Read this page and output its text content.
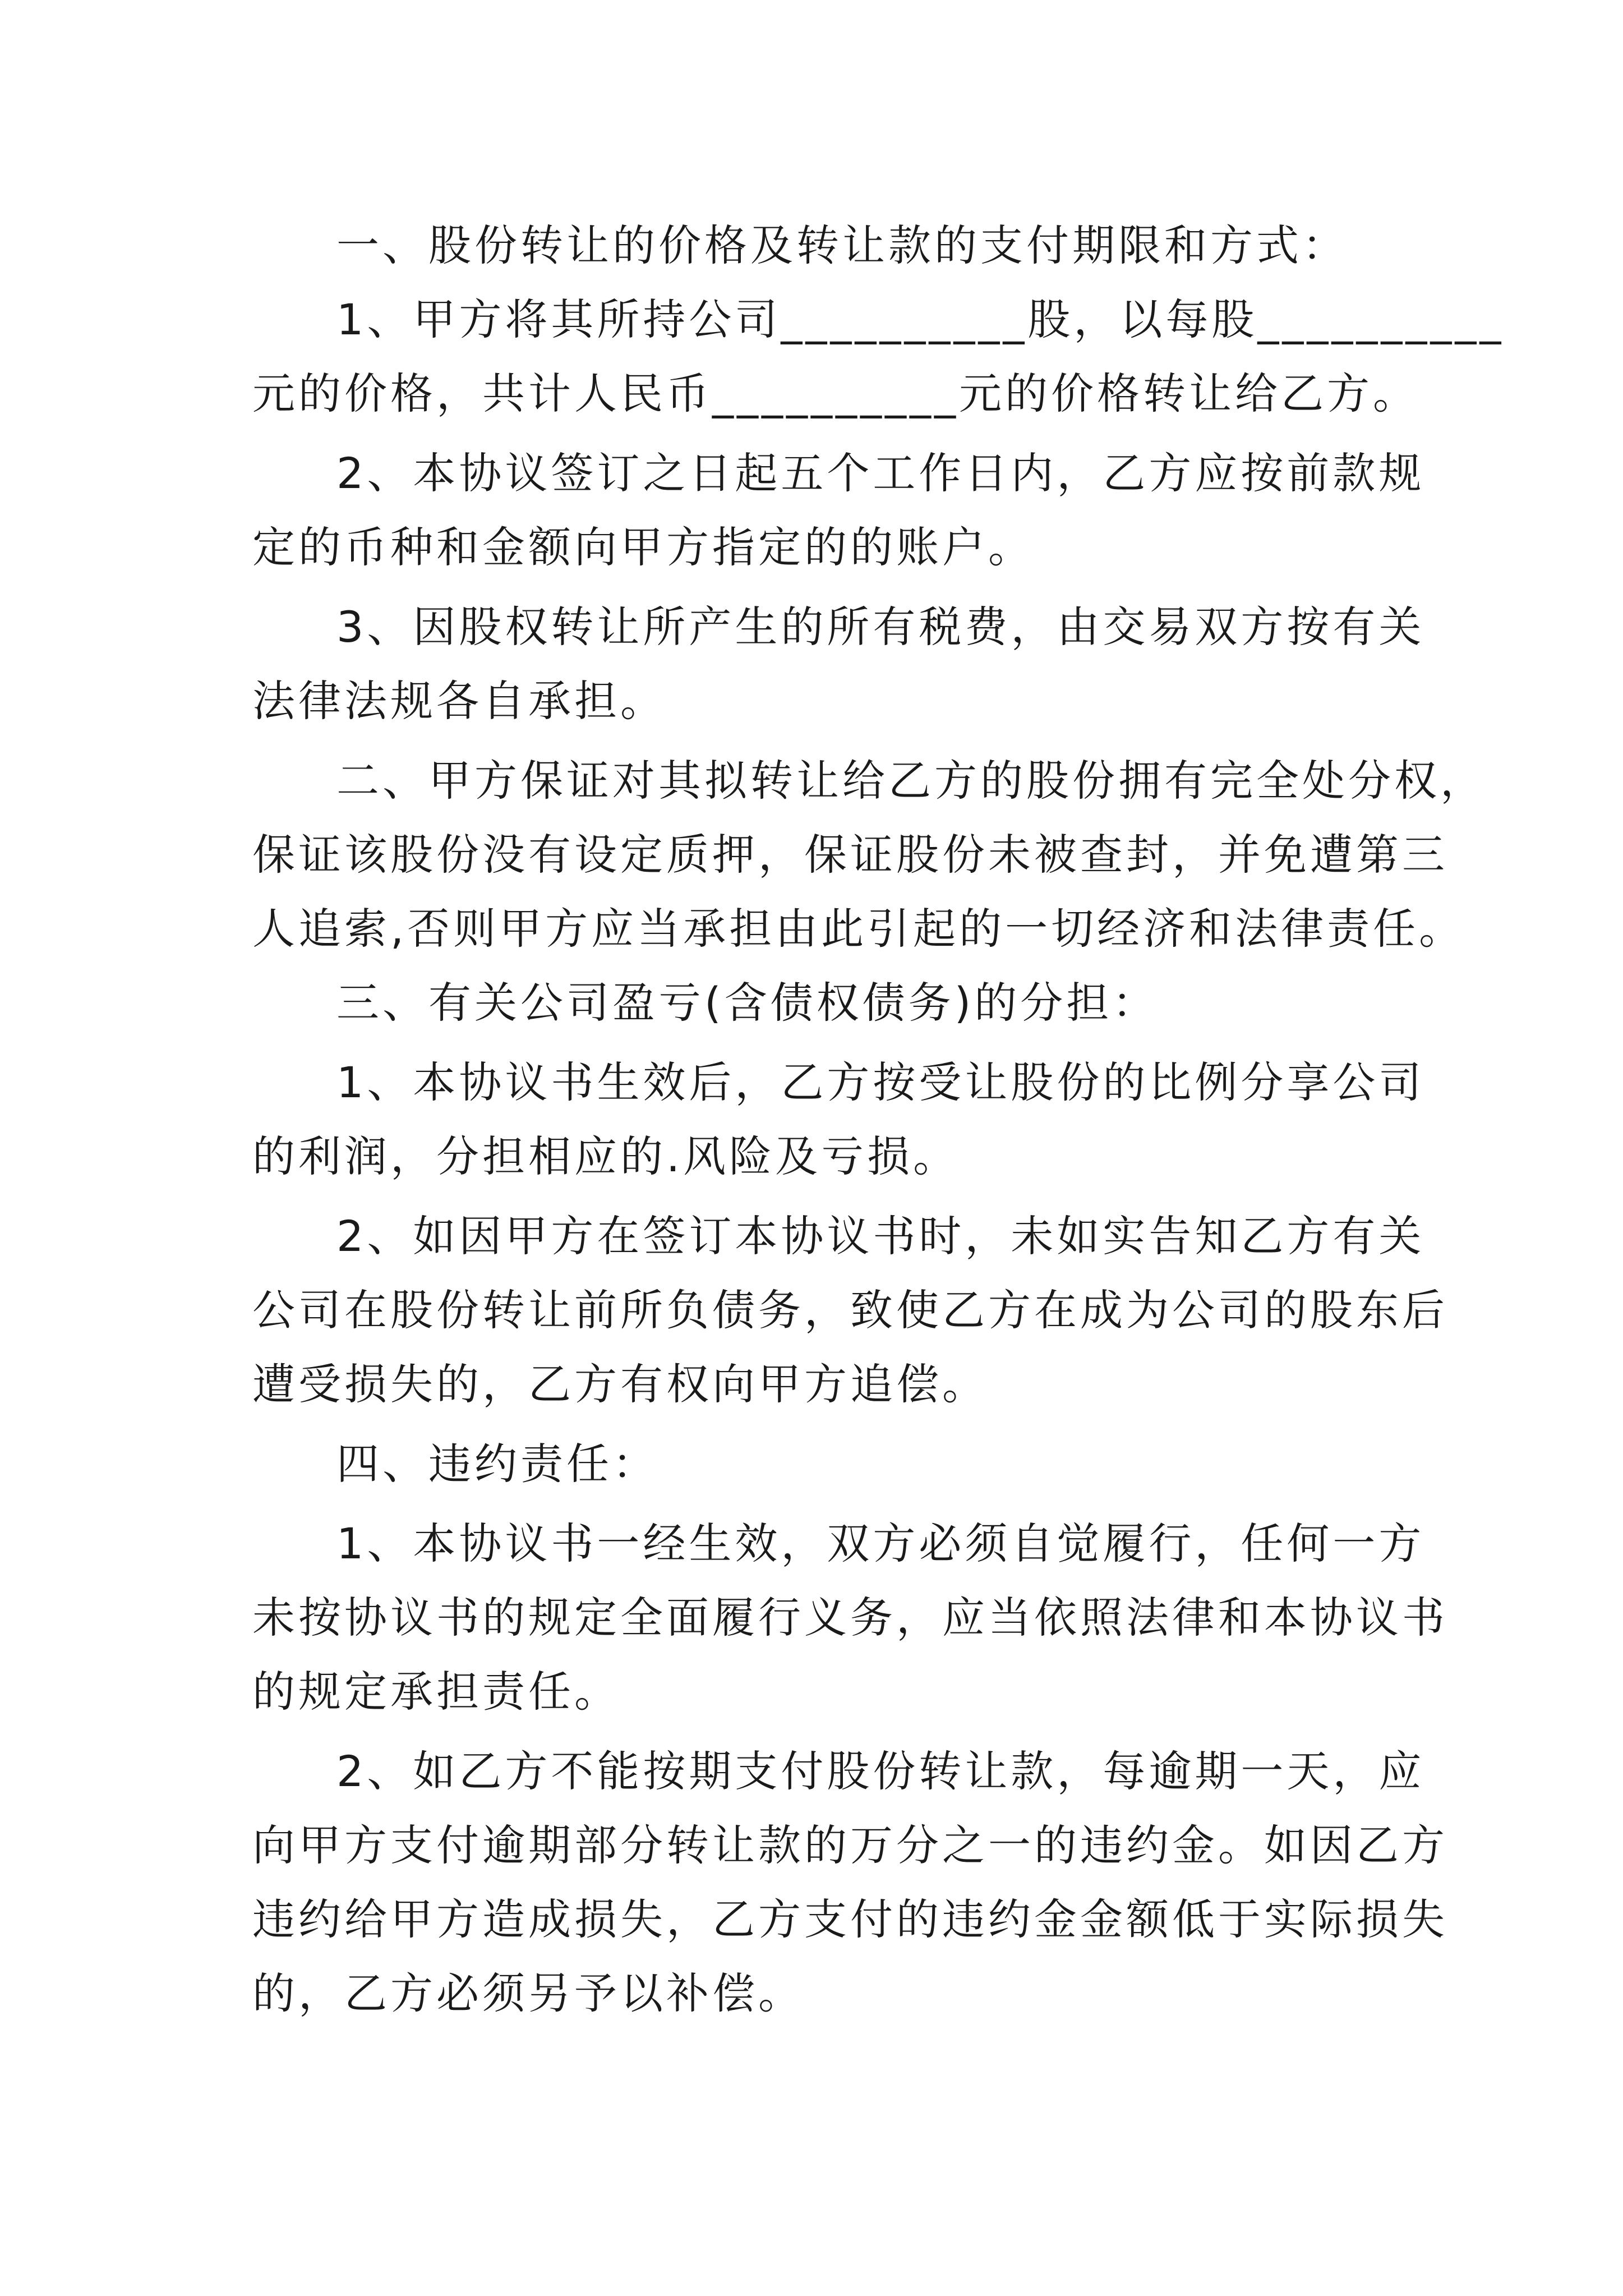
一、股份转让的价格及转让款的支付期限和方式：
1、甲方将其所持公司__________股，以每股__________
元的价格，共计人民币__________元的价格转让给乙方。
2、本协议签订之日起五个工作日内，乙方应按前款规
定的币种和金额向甲方指定的的账户。
3、因股权转让所产生的所有税费，由交易双方按有关
法律法规各自承担。
二、甲方保证对其拟转让给乙方的股份拥有完全处分权，
保证该股份没有设定质押，保证股份未被查封，并免遭第三
人追索,否则甲方应当承担由此引起的一切经济和法律责任。
三、有关公司盈亏(含债权债务)的分担：
1、本协议书生效后，乙方按受让股份的比例分享公司
的利润，分担相应的.风险及亏损。
2、如因甲方在签订本协议书时，未如实告知乙方有关
公司在股份转让前所负债务，致使乙方在成为公司的股东后
遭受损失的，乙方有权向甲方追偿。
四、违约责任：
1、本协议书一经生效，双方必须自觉履行，任何一方
未按协议书的规定全面履行义务，应当依照法律和本协议书
的规定承担责任。
2、如乙方不能按期支付股份转让款，每逾期一天，应
向甲方支付逾期部分转让款的万分之一的违约金。如因乙方
违约给甲方造成损失，乙方支付的违约金金额低于实际损失
的，乙方必须另予以补偿。
